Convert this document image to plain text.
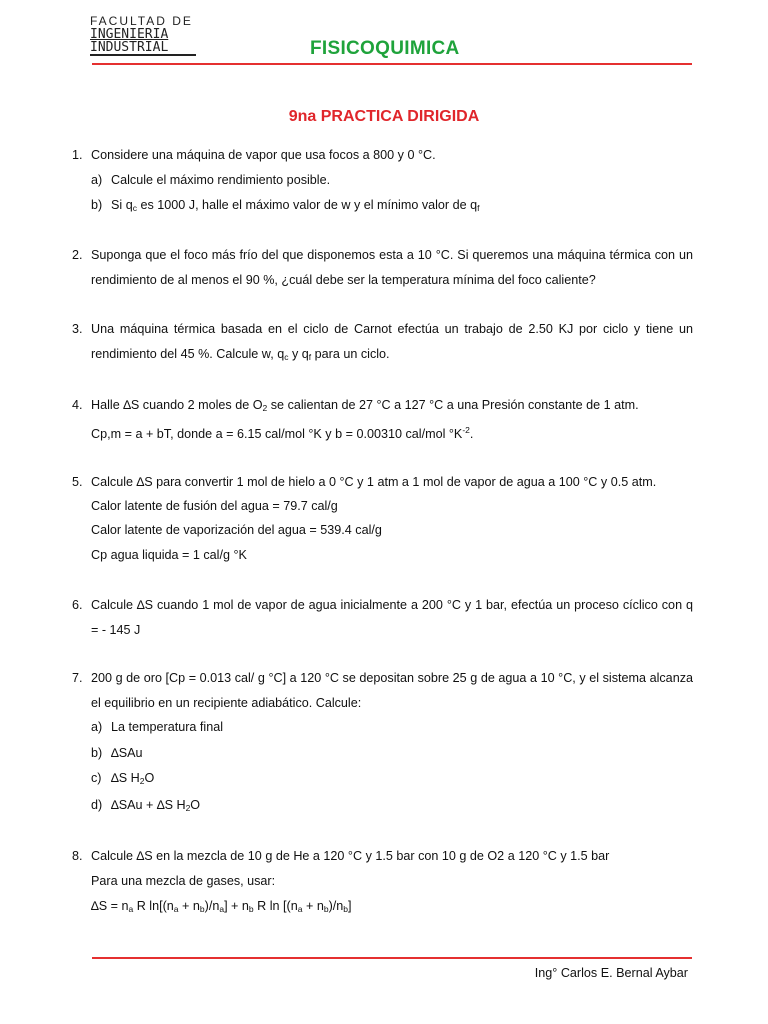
FACULTAD DE
INGENIERIA
INDUSTRIAL	FISICOQUIMICA
9na PRACTICA DIRIGIDA
1. Considere una máquina de vapor que usa focos a 800 y 0 °C.
a) Calcule el máximo rendimiento posible.
b) Si $q_c$ es 1000 J, halle el máximo valor de w y el mínimo valor de $q_f$
2. Suponga que el foco más frío del que disponemos esta a 10 °C. Si queremos una máquina térmica con un
rendimiento de al menos el 90 %, ¿cuál debe ser la temperatura mínima del foco caliente?
3. Una máquina térmica basada en el ciclo de Carnot efectúa un trabajo de 2.50 KJ por ciclo y tiene un
rendimiento del 45 %. Calcule w, $q_c$ y $q_f$ para un ciclo.
4. Halle ∆S cuando 2 moles de $O_2$ se calientan de 27 °C a 127 °C a una Presión constante de 1 atm.
Cp,m = a + bT, donde a = 6.15 cal/mol °K y b = 0.00310 cal/mol $^\circ K^{-2}$.
5. Calcule ∆S para convertir 1 mol de hielo a 0 °C y 1 atm a 1 mol de vapor de agua a 100 °C y 0.5 atm.
Calor latente de fusión del agua = 79.7 cal/g
Calor latente de vaporización del agua = 539.4 cal/g
Cp agua liquida = 1 cal/g °K
6. Calcule ∆S cuando 1 mol de vapor de agua inicialmente a 200 °C y 1 bar, efectúa un proceso cíclico con q
= - 145 J
7. 200 g de oro [Cp = 0.013 cal/ g °C] a 120 °C se depositan sobre 25 g de agua a 10 °C, y el sistema alcanza
el equilibrio en un recipiente adiabático. Calcule:
a) La temperatura final
b) ∆SAu
c) ∆S $H_2O$
d) ∆SAu + ∆S $H_2O$
8. Calcule ∆S en la mezcla de 10 g de He a 120 °C y 1.5 bar con 10 g de O2 a 120 °C y 1.5 bar
Para una mezcla de gases, usar:
$\Delta S = n_a$ R $\ln[(n_a + n_b)/n_a] + n_b$ R $\ln [(n_a + n_b)/n_b]$
Ing° Carlos E. Bernal Aybar
